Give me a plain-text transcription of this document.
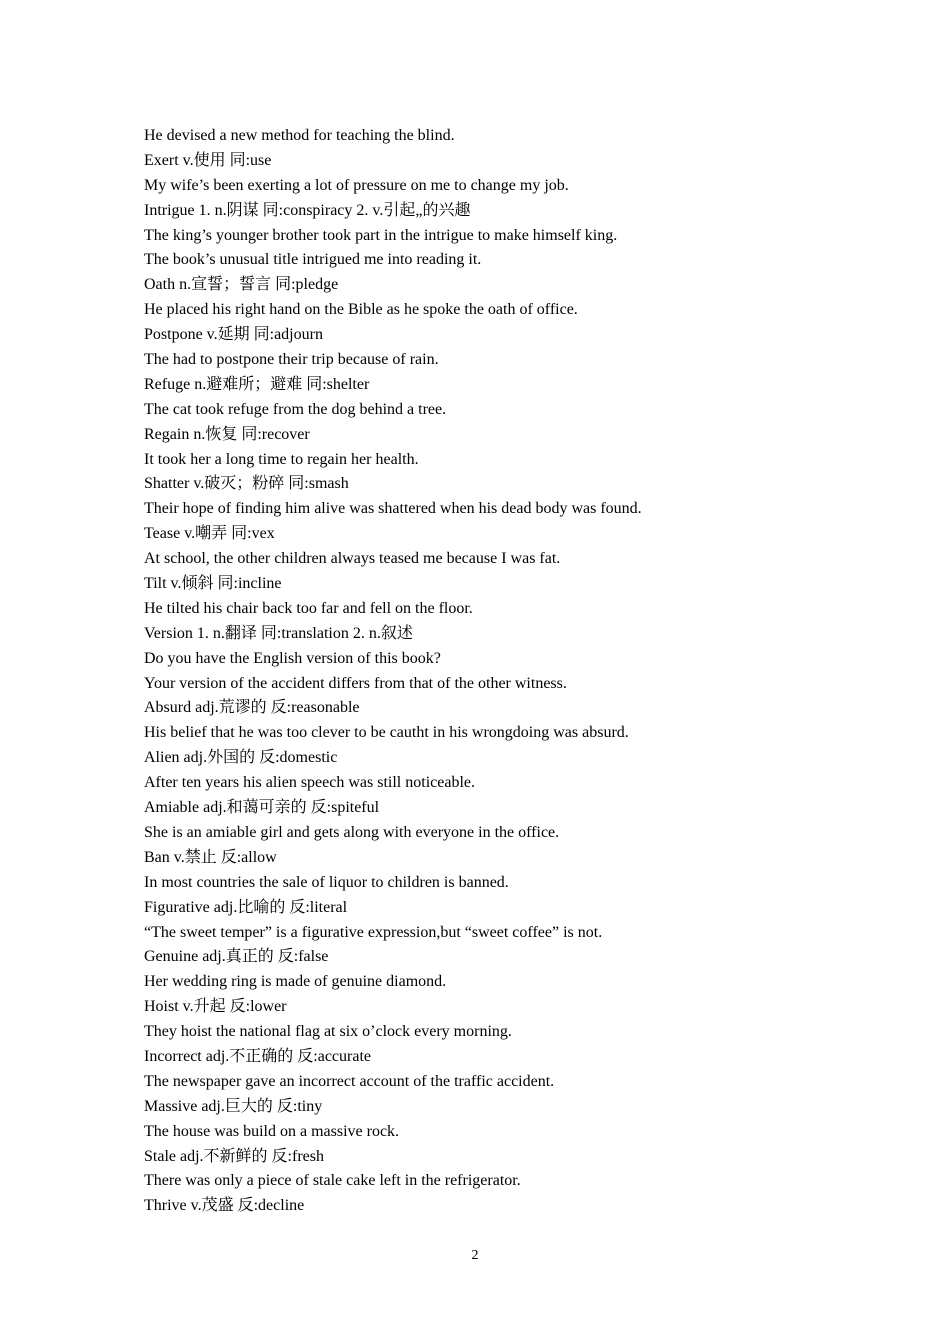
He devised a new method for teaching the blind.
Exert v.使用 同:use
My wife’s been exerting a lot of pressure on me to change my job.
Intrigue 1. n.阴谋 同:conspiracy 2. v.引起„的兴趣
The king’s younger brother took part in the intrigue to make himself king.
The book’s unusual title intrigued me into reading it.
Oath n.宣誓；誓言 同:pledge
He placed his right hand on the Bible as he spoke the oath of office.
Postpone v.延期 同:adjourn
The had to postpone their trip because of rain.
Refuge n.避难所；避难 同:shelter
The cat took refuge from the dog behind a tree.
Regain n.恢复 同:recover
It took her a long time to regain her health.
Shatter v.破灭；粉碎 同:smash
Their hope of finding him alive was shattered when his dead body was found.
Tease v.嘲弄 同:vex
At school, the other children always teased me because I was fat.
Tilt v.倾斜 同:incline
He tilted his chair back too far and fell on the floor.
Version 1. n.翻译 同:translation 2. n.叙述
Do you have the English version of this book?
Your version of the accident differs from that of the other witness.
Absurd adj.荒谬的 反:reasonable
His belief that he was too clever to be cautht in his wrongdoing was absurd.
Alien adj.外国的 反:domestic
After ten years his alien speech was still noticeable.
Amiable adj.和蔼可亲的 反:spiteful
She is an amiable girl and gets along with everyone in the office.
Ban v.禁止 反:allow
In most countries the sale of liquor to children is banned.
Figurative adj.比喻的 反:literal
“The sweet temper” is a figurative expression,but “sweet coffee” is not.
Genuine adj.真正的 反:false
Her wedding ring is made of genuine diamond.
Hoist v.升起 反:lower
They hoist the national flag at six o’clock every morning.
Incorrect adj.不正确的 反:accurate
The newspaper gave an incorrect account of the traffic accident.
Massive adj.巨大的 反:tiny
The house was build on a massive rock.
Stale adj.不新鲜的 反:fresh
There was only a piece of stale cake left in the refrigerator.
Thrive v.茂盛 反:decline
2
